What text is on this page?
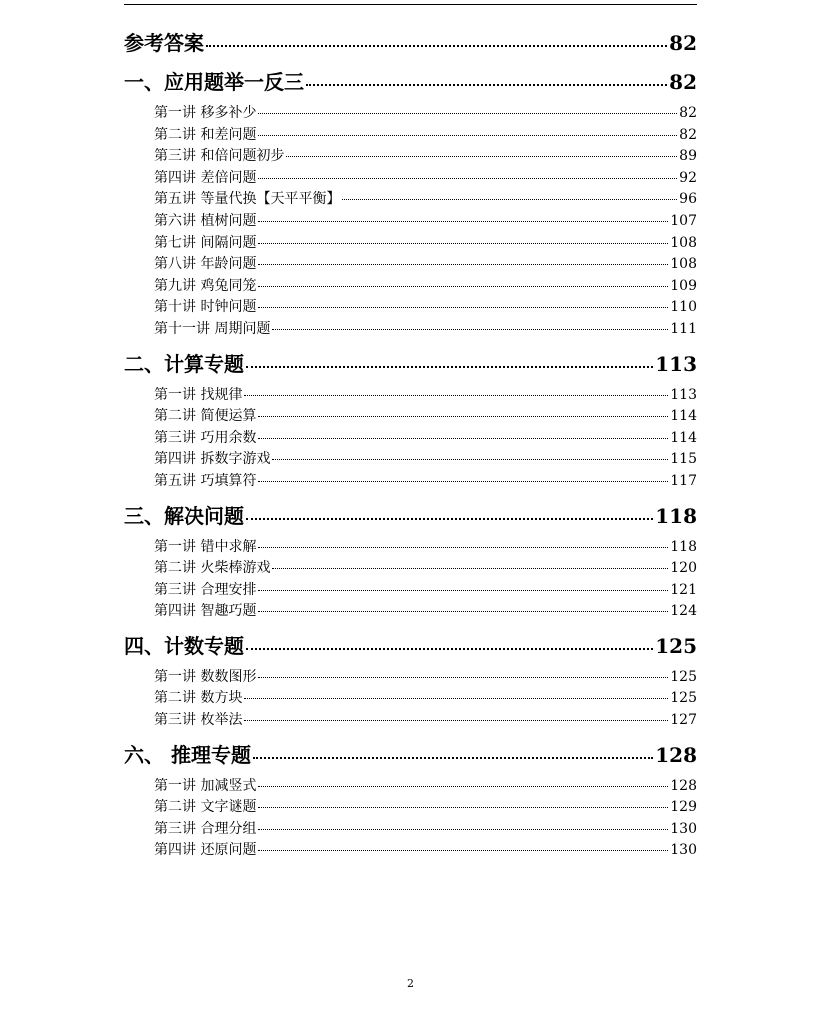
参考答案	82
一、应用题举一反三	82
第一讲 移多补少	82
第二讲 和差问题	82
第三讲 和倍问题初步	89
第四讲 差倍问题	92
第五讲 等量代换【天平平衡】	96
第六讲 植树问题	107
第七讲 间隔问题	108
第八讲 年龄问题	108
第九讲 鸡兔同笼	109
第十讲 时钟问题	110
第十一讲 周期问题	111
二、计算专题	113
第一讲 找规律	113
第二讲 简便运算	114
第三讲 巧用余数	114
第四讲 拆数字游戏	115
第五讲 巧填算符	117
三、解决问题	118
第一讲 错中求解	118
第二讲 火柴棒游戏	120
第三讲 合理安排	121
第四讲 智趣巧题	124
四、计数专题	125
第一讲 数数图形	125
第二讲 数方块	125
第三讲 枚举法	127
六、 推理专题	128
第一讲 加减竖式	128
第二讲 文字谜题	129
第三讲 合理分组	130
第四讲 还原问题	130
2
